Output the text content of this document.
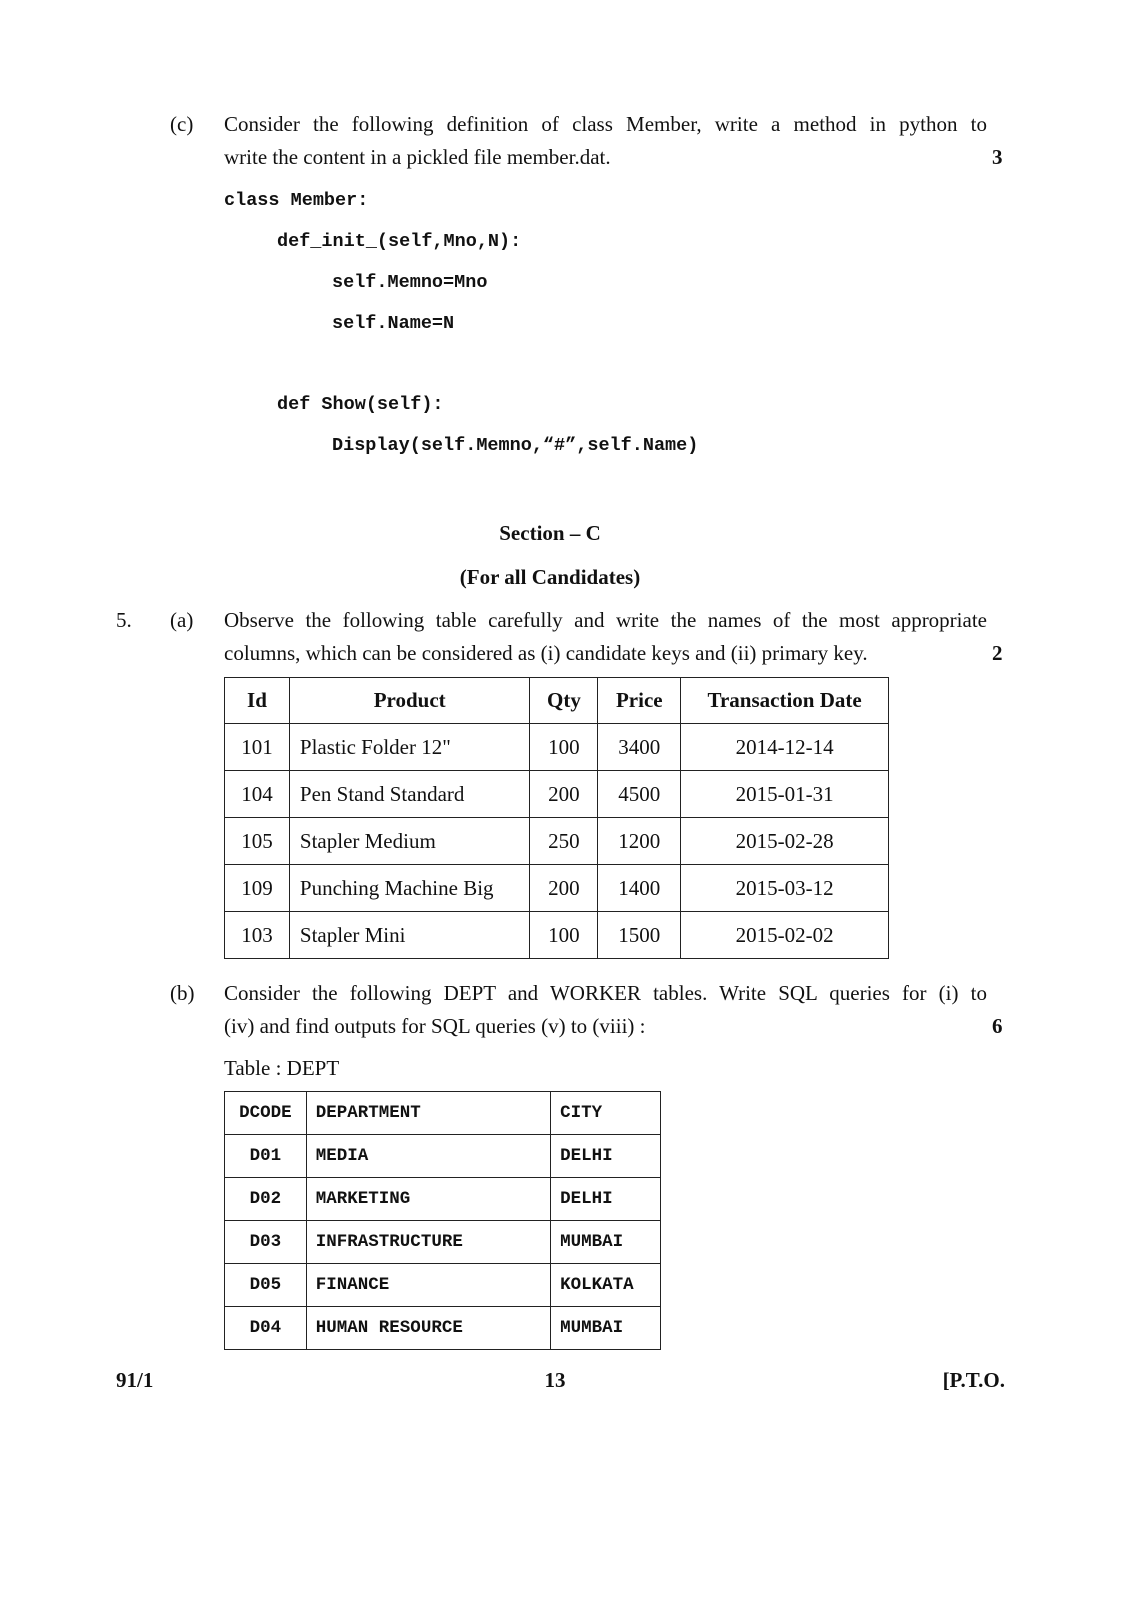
(c) Consider the following definition of class Member, write a method in python to
write the content in a pickled file member.dat.	3
class Member:
def_init_(self,Mno,N):
self.Memno=Mno
self.Name=N
def Show(self):
Display(self.Memno,“#”,self.Name)
Section – C
(For all Candidates)
5. (a) Observe the following table carefully and write the names of the most appropriate
columns, which can be considered as (i) candidate keys and (ii) primary key.	2
Id	Product	Qty	Price	Transaction Date
101	Plastic Folder 12"	100	3400	2014-12-14
104	Pen Stand Standard	200	4500	2015-01-31
105	Stapler Medium	250	1200	2015-02-28
109	Punching Machine Big	200	1400	2015-03-12
103	Stapler Mini	100	1500	2015-02-02
(b) Consider the following DEPT and WORKER tables. Write SQL queries for (i) to
(iv) and find outputs for SQL queries (v) to (viii) :	6
Table : DEPT
DCODE	DEPARTMENT	CITY
D01	MEDIA	DELHI
D02	MARKETING	DELHI
D03	INFRASTRUCTURE	MUMBAI
D05	FINANCE	KOLKATA
D04	HUMAN RESOURCE	MUMBAI
91/1	13	[P.T.O.
